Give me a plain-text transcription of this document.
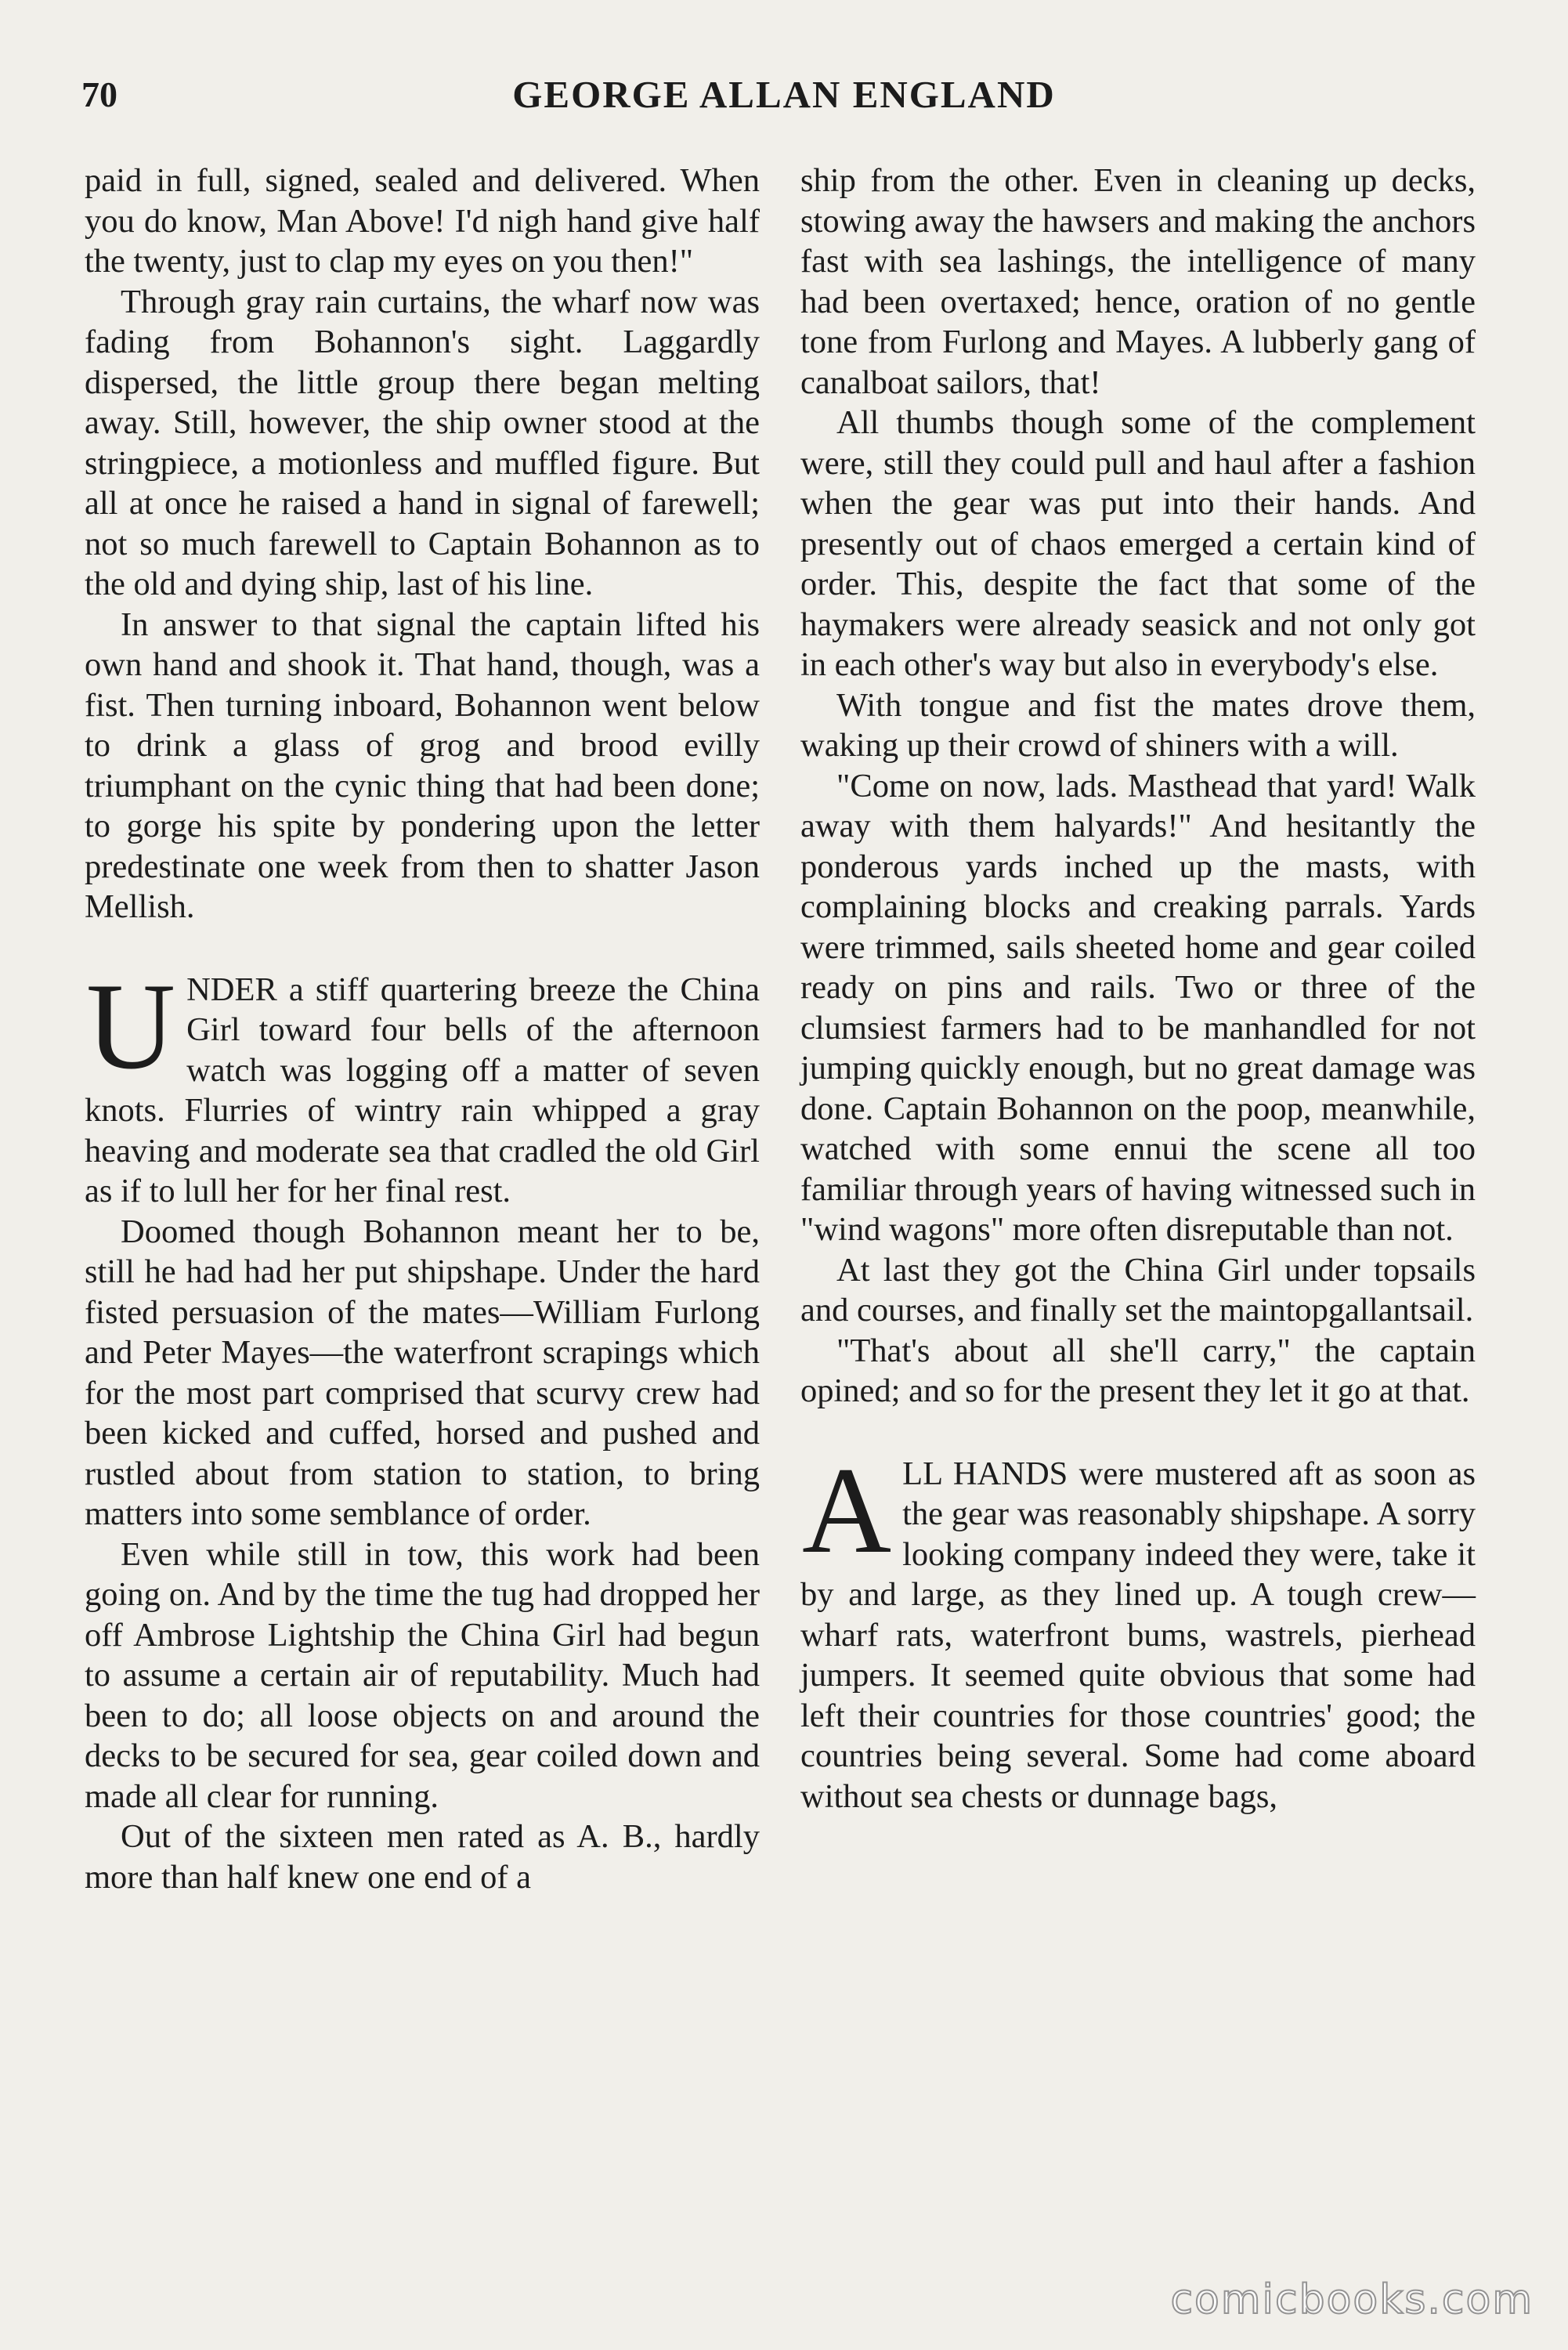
70	GEORGE ALLAN ENGLAND

paid in full, signed, sealed and delivered. When you do know, Man Above! I'd nigh hand give half the twenty, just to clap my eyes on you then!"

Through gray rain curtains, the wharf now was fading from Bohannon's sight. Laggardly dispersed, the little group there began melting away. Still, however, the ship owner stood at the stringpiece, a motionless and muffled figure. But all at once he raised a hand in signal of farewell; not so much farewell to Captain Bohannon as to the old and dying ship, last of his line.

In answer to that signal the captain lifted his own hand and shook it. That hand, though, was a fist. Then turning inboard, Bohannon went below to drink a glass of grog and brood evilly triumphant on the cynic thing that had been done; to gorge his spite by pondering upon the letter predestinate one week from then to shatter Jason Mellish.

UNDER a stiff quartering breeze the China Girl toward four bells of the afternoon watch was logging off a matter of seven knots. Flurries of wintry rain whipped a gray heaving and moderate sea that cradled the old Girl as if to lull her for her final rest.

Doomed though Bohannon meant her to be, still he had had her put shipshape. Under the hard fisted persuasion of the mates—William Furlong and Peter Mayes—the waterfront scrapings which for the most part comprised that scurvy crew had been kicked and cuffed, horsed and pushed and rustled about from station to station, to bring matters into some semblance of order.

Even while still in tow, this work had been going on. And by the time the tug had dropped her off Ambrose Lightship the China Girl had begun to assume a certain air of reputability. Much had been to do; all loose objects on and around the decks to be secured for sea, gear coiled down and made all clear for running.

Out of the sixteen men rated as A. B., hardly more than half knew one end of a

ship from the other. Even in cleaning up decks, stowing away the hawsers and making the anchors fast with sea lashings, the intelligence of many had been overtaxed; hence, oration of no gentle tone from Furlong and Mayes. A lubberly gang of canalboat sailors, that!

All thumbs though some of the complement were, still they could pull and haul after a fashion when the gear was put into their hands. And presently out of chaos emerged a certain kind of order. This, despite the fact that some of the haymakers were already seasick and not only got in each other's way but also in everybody's else.

With tongue and fist the mates drove them, waking up their crowd of shiners with a will.

"Come on now, lads. Masthead that yard! Walk away with them halyards!" And hesitantly the ponderous yards inched up the masts, with complaining blocks and creaking parrals. Yards were trimmed, sails sheeted home and gear coiled ready on pins and rails. Two or three of the clumsiest farmers had to be manhandled for not jumping quickly enough, but no great damage was done. Captain Bohannon on the poop, meanwhile, watched with some ennui the scene all too familiar through years of having witnessed such in "wind wagons" more often disreputable than not.

At last they got the China Girl under topsails and courses, and finally set the maintopgallantsail.

"That's about all she'll carry," the captain opined; and so for the present they let it go at that.

ALL HANDS were mustered aft as soon as the gear was reasonably shipshape. A sorry looking company indeed they were, take it by and large, as they lined up. A tough crew—wharf rats, waterfront bums, wastrels, pierhead jumpers. It seemed quite obvious that some had left their countries for those countries' good; the countries being several. Some had come aboard without sea chests or dunnage bags,

comicbooks.com
